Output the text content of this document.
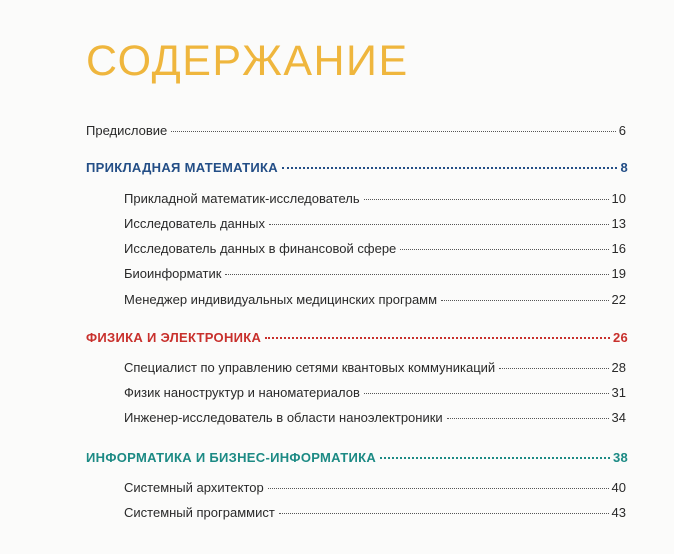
СОДЕРЖАНИЕ
Предисловие	6
ПРИКЛАДНАЯ МАТЕМАТИКА	8
Прикладной математик-исследователь	10
Исследователь данных	13
Исследователь данных в финансовой сфере	16
Биоинформатик	19
Менеджер индивидуальных медицинских программ	22
ФИЗИКА И ЭЛЕКТРОНИКА	26
Специалист по управлению сетями квантовых коммуникаций	28
Физик наноструктур и наноматериалов	31
Инженер-исследователь в области наноэлектроники	34
ИНФОРМАТИКА И БИЗНЕС-ИНФОРМАТИКА	38
Системный архитектор	40
Системный программист	43
